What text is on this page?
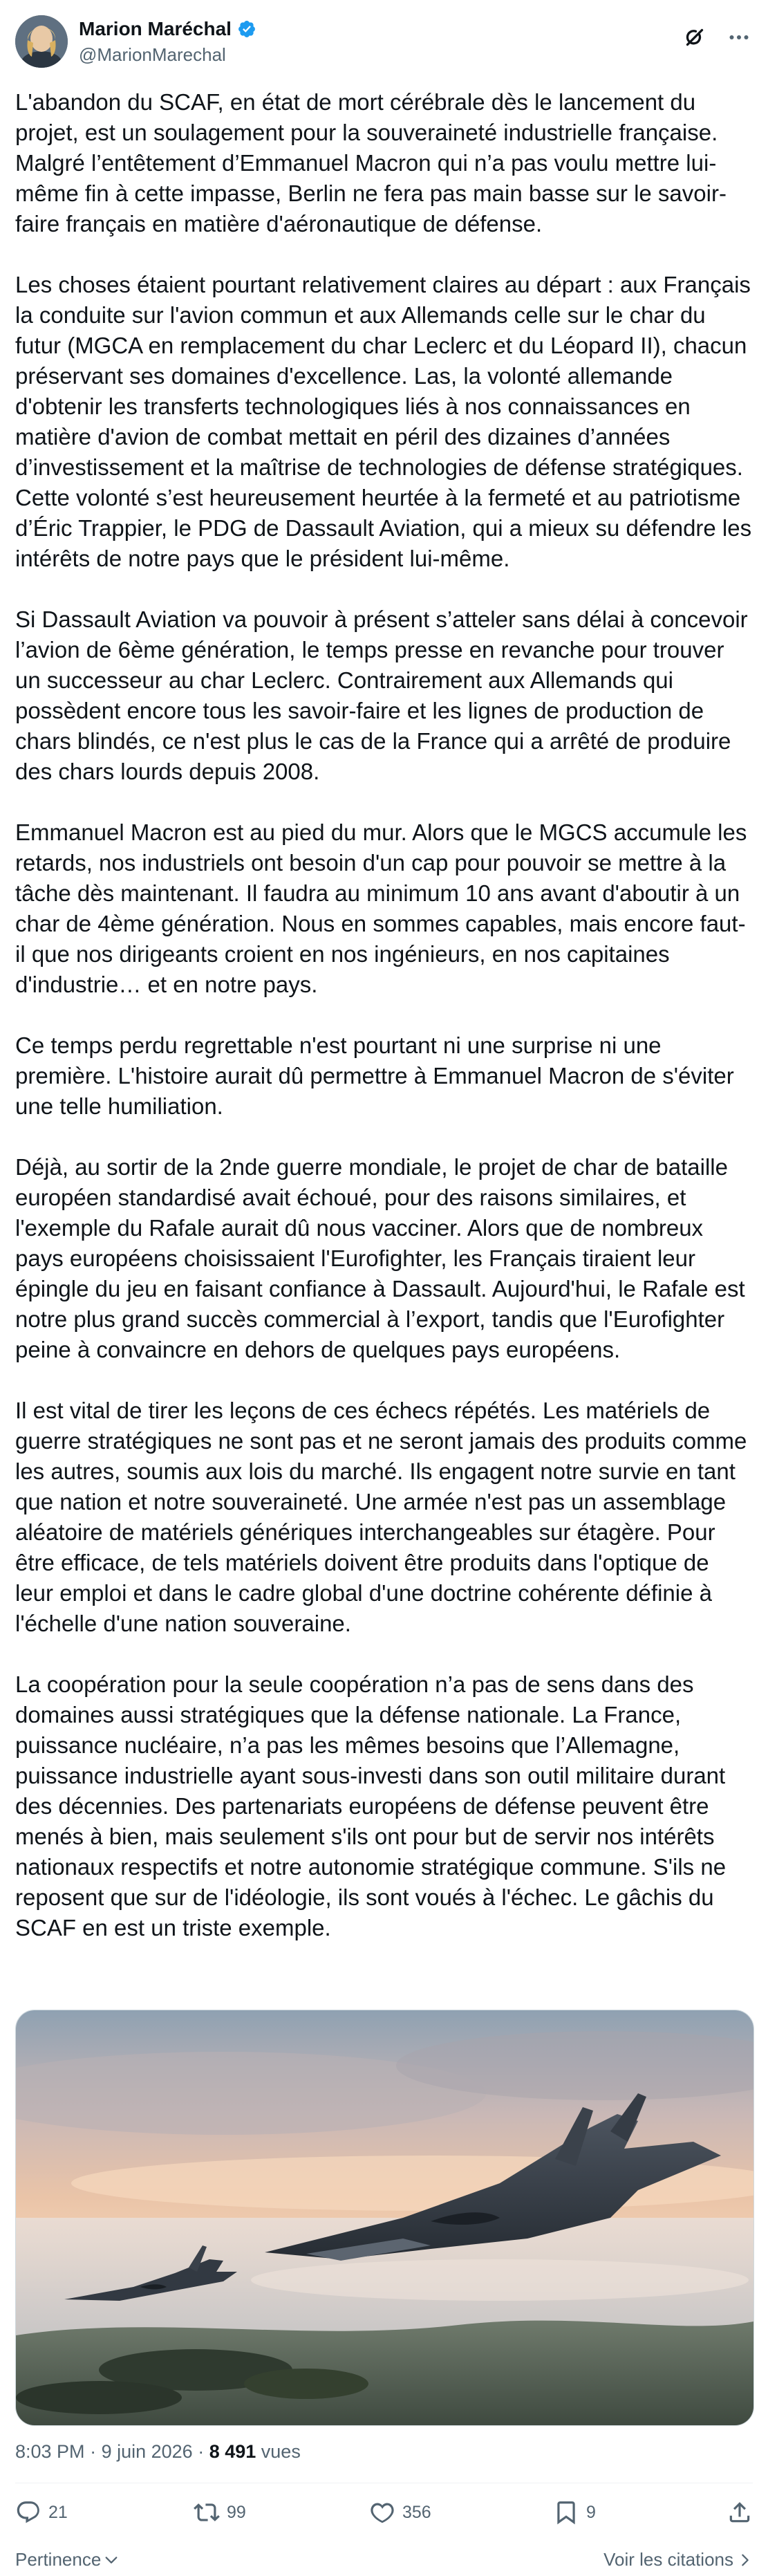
Marion Maréchal
@MarionMarechal

L'abandon du SCAF, en état de mort cérébrale dès le lancement du projet, est un soulagement pour la souveraineté industrielle française. Malgré l’entêtement d’Emmanuel Macron qui n’a pas voulu mettre lui-même fin à cette impasse, Berlin ne fera pas main basse sur le savoir-faire français en matière d'aéronautique de défense.

Les choses étaient pourtant relativement claires au départ : aux Français la conduite sur l'avion commun et aux Allemands celle sur le char du futur (MGCA en remplacement du char Leclerc et du Léopard II), chacun préservant ses domaines d'excellence. Las, la volonté allemande d'obtenir les transferts technologiques liés à nos connaissances en matière d'avion de combat mettait en péril des dizaines d’années d’investissement et la maîtrise de technologies de défense stratégiques. Cette volonté s’est heureusement heurtée à la fermeté et au patriotisme d’Éric Trappier, le PDG de Dassault Aviation, qui a mieux su défendre les intérêts de notre pays que le président lui-même.

Si Dassault Aviation va pouvoir à présent s’atteler sans délai à concevoir l’avion de 6ème génération, le temps presse en revanche pour trouver un successeur au char Leclerc. Contrairement aux Allemands qui possèdent encore tous les savoir-faire et les lignes de production de chars blindés, ce n'est plus le cas de la France qui a arrêté de produire des chars lourds depuis 2008.

Emmanuel Macron est au pied du mur. Alors que le MGCS accumule les retards, nos industriels ont besoin d'un cap pour pouvoir se mettre à la tâche dès maintenant. Il faudra au minimum 10 ans avant d'aboutir à un char de 4ème génération. Nous en sommes capables, mais encore faut-il que nos dirigeants croient en nos ingénieurs, en nos capitaines d'industrie… et en notre pays.

Ce temps perdu regrettable n'est pourtant ni une surprise ni une première. L'histoire aurait dû permettre à Emmanuel Macron de s'éviter une telle humiliation.

Déjà, au sortir de la 2nde guerre mondiale, le projet de char de bataille européen standardisé avait échoué, pour des raisons similaires, et l'exemple du Rafale aurait dû nous vacciner. Alors que de nombreux pays européens choisissaient l'Eurofighter, les Français tiraient leur épingle du jeu en faisant confiance à Dassault. Aujourd'hui, le Rafale est notre plus grand succès commercial à l’export, tandis que l'Eurofighter peine à convaincre en dehors de quelques pays européens.

Il est vital de tirer les leçons de ces échecs répétés. Les matériels de guerre stratégiques ne sont pas et ne seront jamais des produits comme les autres, soumis aux lois du marché. Ils engagent notre survie en tant que nation et notre souveraineté. Une armée n'est pas un assemblage aléatoire de matériels génériques interchangeables sur étagère. Pour être efficace, de tels matériels doivent être produits dans l'optique de leur emploi et dans le cadre global d'une doctrine cohérente définie à l'échelle d'une nation souveraine.

La coopération pour la seule coopération n’a pas de sens dans des domaines aussi stratégiques que la défense nationale. La France, puissance nucléaire, n’a pas les mêmes besoins que l’Allemagne, puissance industrielle ayant sous-investi dans son outil militaire durant des décennies. Des partenariats européens de défense peuvent être menés à bien, mais seulement s'ils ont pour but de servir nos intérêts nationaux respectifs et notre autonomie stratégique commune. S'ils ne reposent que sur de l'idéologie, ils sont voués à l'échec. Le gâchis du SCAF en est un triste exemple.

8:03 PM · 9 juin 2026 · 8 491
vues
21	99	356	9
Pertinence	Voir les citations
